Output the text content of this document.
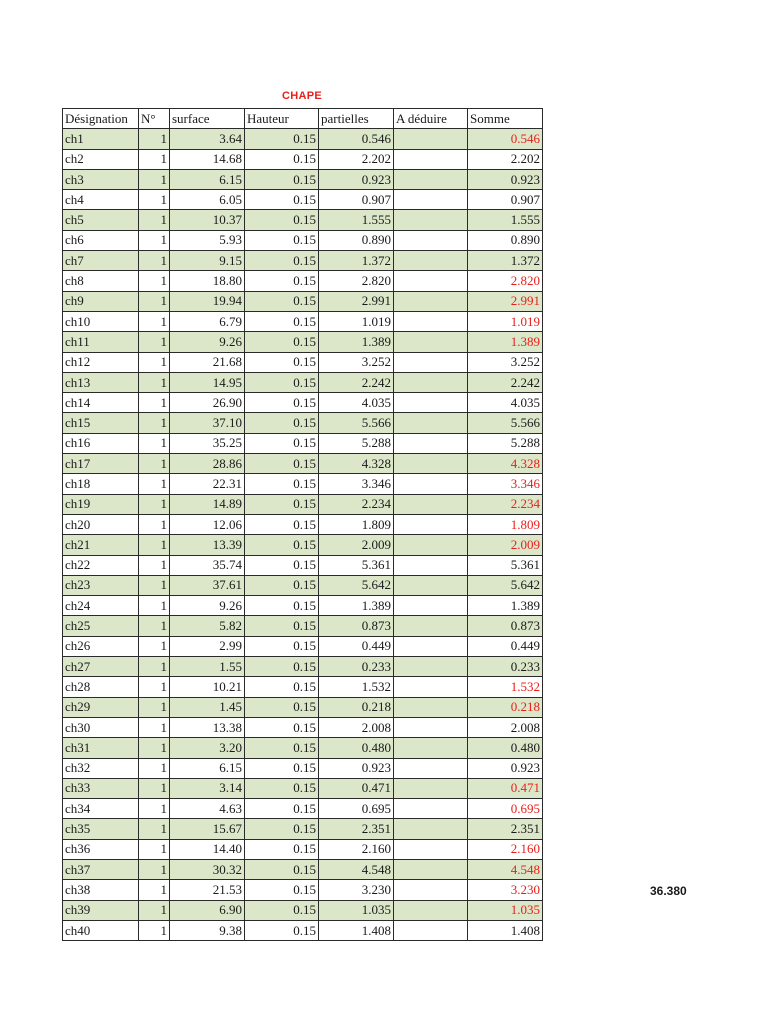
CHAPE
Désignation	N°	surface	Hauteur	partielles	A déduire	Somme
ch1	1	3.64	0.15	0.546		0.546
ch2	1	14.68	0.15	2.202		2.202
ch3	1	6.15	0.15	0.923		0.923
ch4	1	6.05	0.15	0.907		0.907
ch5	1	10.37	0.15	1.555		1.555
ch6	1	5.93	0.15	0.890		0.890
ch7	1	9.15	0.15	1.372		1.372
ch8	1	18.80	0.15	2.820		2.820
ch9	1	19.94	0.15	2.991		2.991
ch10	1	6.79	0.15	1.019		1.019
ch11	1	9.26	0.15	1.389		1.389
ch12	1	21.68	0.15	3.252		3.252
ch13	1	14.95	0.15	2.242		2.242
ch14	1	26.90	0.15	4.035		4.035
ch15	1	37.10	0.15	5.566		5.566
ch16	1	35.25	0.15	5.288		5.288
ch17	1	28.86	0.15	4.328		4.328
ch18	1	22.31	0.15	3.346		3.346
ch19	1	14.89	0.15	2.234		2.234
ch20	1	12.06	0.15	1.809		1.809
ch21	1	13.39	0.15	2.009		2.009
ch22	1	35.74	0.15	5.361		5.361
ch23	1	37.61	0.15	5.642		5.642
ch24	1	9.26	0.15	1.389		1.389
ch25	1	5.82	0.15	0.873		0.873
ch26	1	2.99	0.15	0.449		0.449
ch27	1	1.55	0.15	0.233		0.233
ch28	1	10.21	0.15	1.532		1.532
ch29	1	1.45	0.15	0.218		0.218
ch30	1	13.38	0.15	2.008		2.008
ch31	1	3.20	0.15	0.480		0.480
ch32	1	6.15	0.15	0.923		0.923
ch33	1	3.14	0.15	0.471		0.471
ch34	1	4.63	0.15	0.695		0.695
ch35	1	15.67	0.15	2.351		2.351
ch36	1	14.40	0.15	2.160		2.160
ch37	1	30.32	0.15	4.548		4.548
ch38	1	21.53	0.15	3.230		3.230
ch39	1	6.90	0.15	1.035		1.035
ch40	1	9.38	0.15	1.408		1.408
36.380
